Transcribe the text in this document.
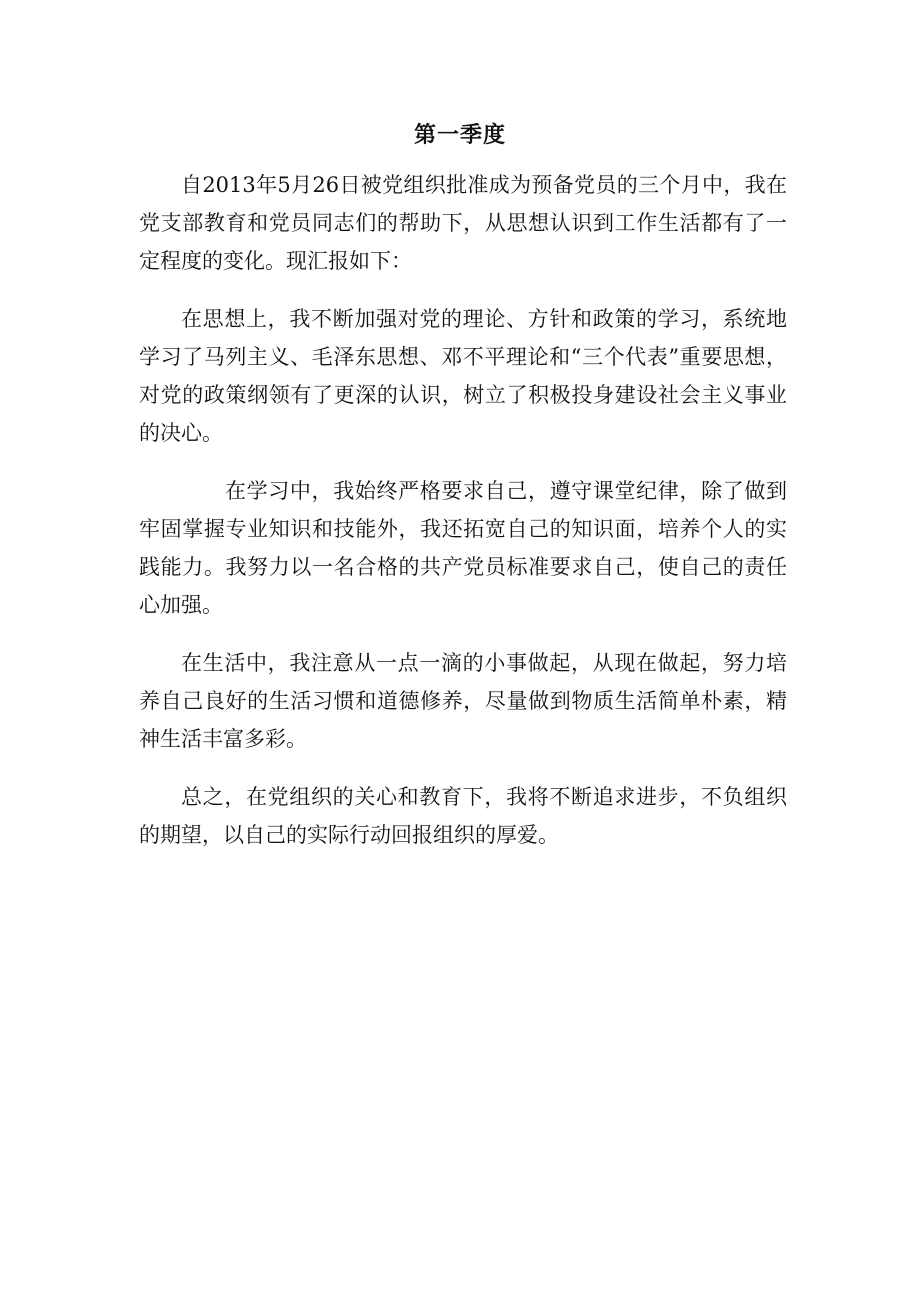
第一季度

自2013年5月26日被党组织批准成为预备党员的三个月中，我在党支部教育和党员同志们的帮助下，从思想认识到工作生活都有了一定程度的变化。现汇报如下：

在思想上，我不断加强对党的理论、方针和政策的学习，系统地学习了马列主义、毛泽东思想、邓不平理论和“三个代表”重要思想，对党的政策纲领有了更深的认识，树立了积极投身建设社会主义事业的决心。

在学习中，我始终严格要求自己，遵守课堂纪律，除了做到牢固掌握专业知识和技能外，我还拓宽自己的知识面，培养个人的实践能力。我努力以一名合格的共产党员标准要求自己，使自己的责任心加强。

在生活中，我注意从一点一滴的小事做起，从现在做起，努力培养自己良好的生活习惯和道德修养，尽量做到物质生活简单朴素，精神生活丰富多彩。

总之，在党组织的关心和教育下，我将不断追求进步，不负组织的期望，以自己的实际行动回报组织的厚爱。
